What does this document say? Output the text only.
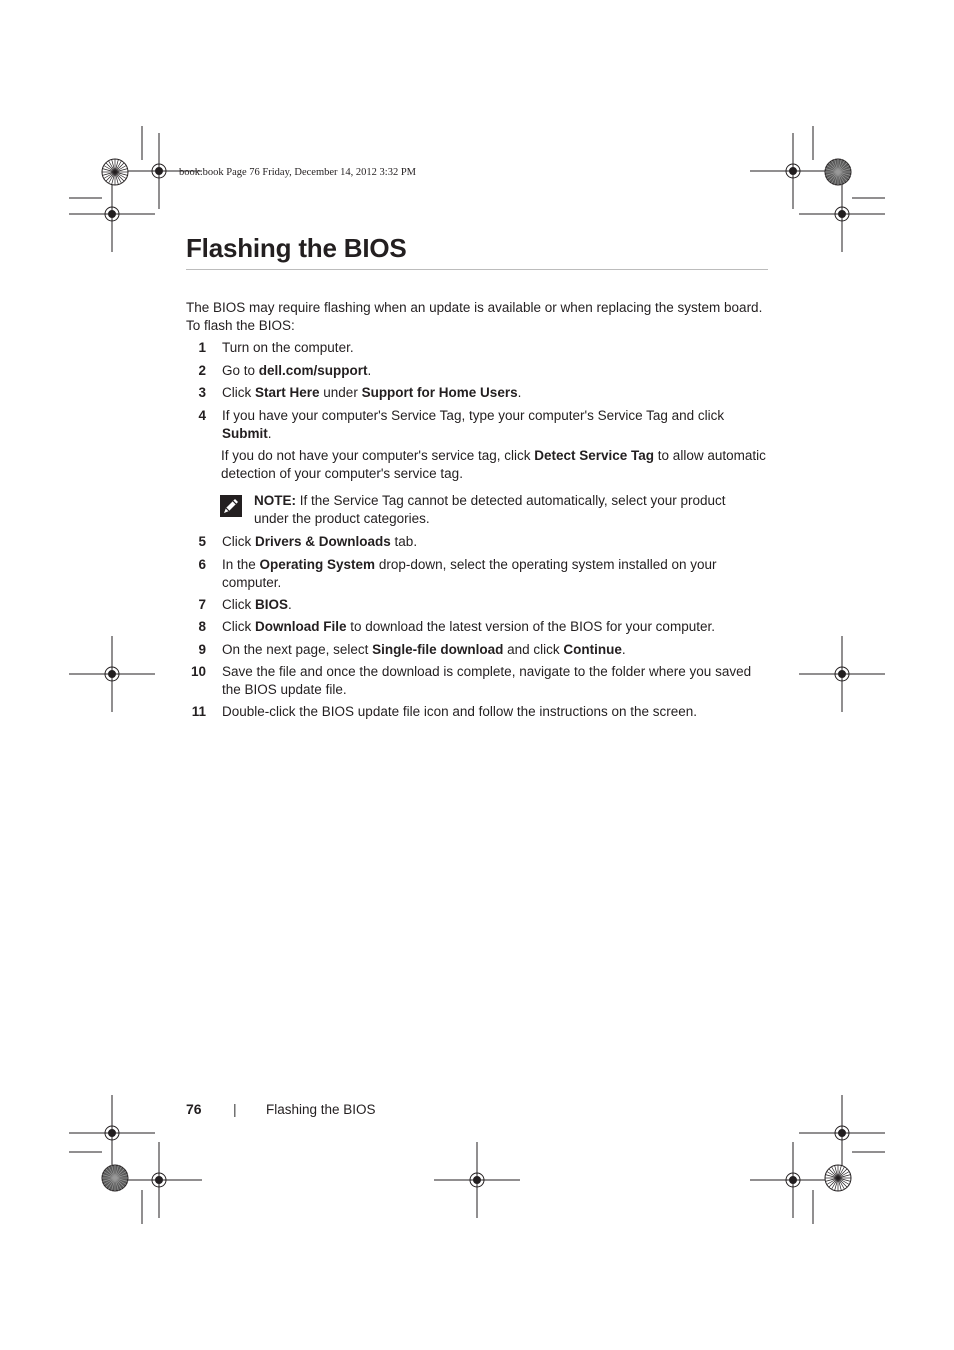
book.book Page 76 Friday, December 14, 2012 3:32 PM
Flashing the BIOS
The BIOS may require flashing when an update is available or when replacing the system board. To flash the BIOS:
1 Turn on the computer.
2 Go to dell.com/support.
3 Click Start Here under Support for Home Users.
4 If you have your computer's Service Tag, type your computer's Service Tag and click Submit.
If you do not have your computer's service tag, click Detect Service Tag to allow automatic detection of your computer's service tag.
NOTE: If the Service Tag cannot be detected automatically, select your product under the product categories.
5 Click Drivers & Downloads tab.
6 In the Operating System drop-down, select the operating system installed on your computer.
7 Click BIOS.
8 Click Download File to download the latest version of the BIOS for your computer.
9 On the next page, select Single-file download and click Continue.
10 Save the file and once the download is complete, navigate to the folder where you saved the BIOS update file.
11 Double-click the BIOS update file icon and follow the instructions on the screen.
76 | Flashing the BIOS
